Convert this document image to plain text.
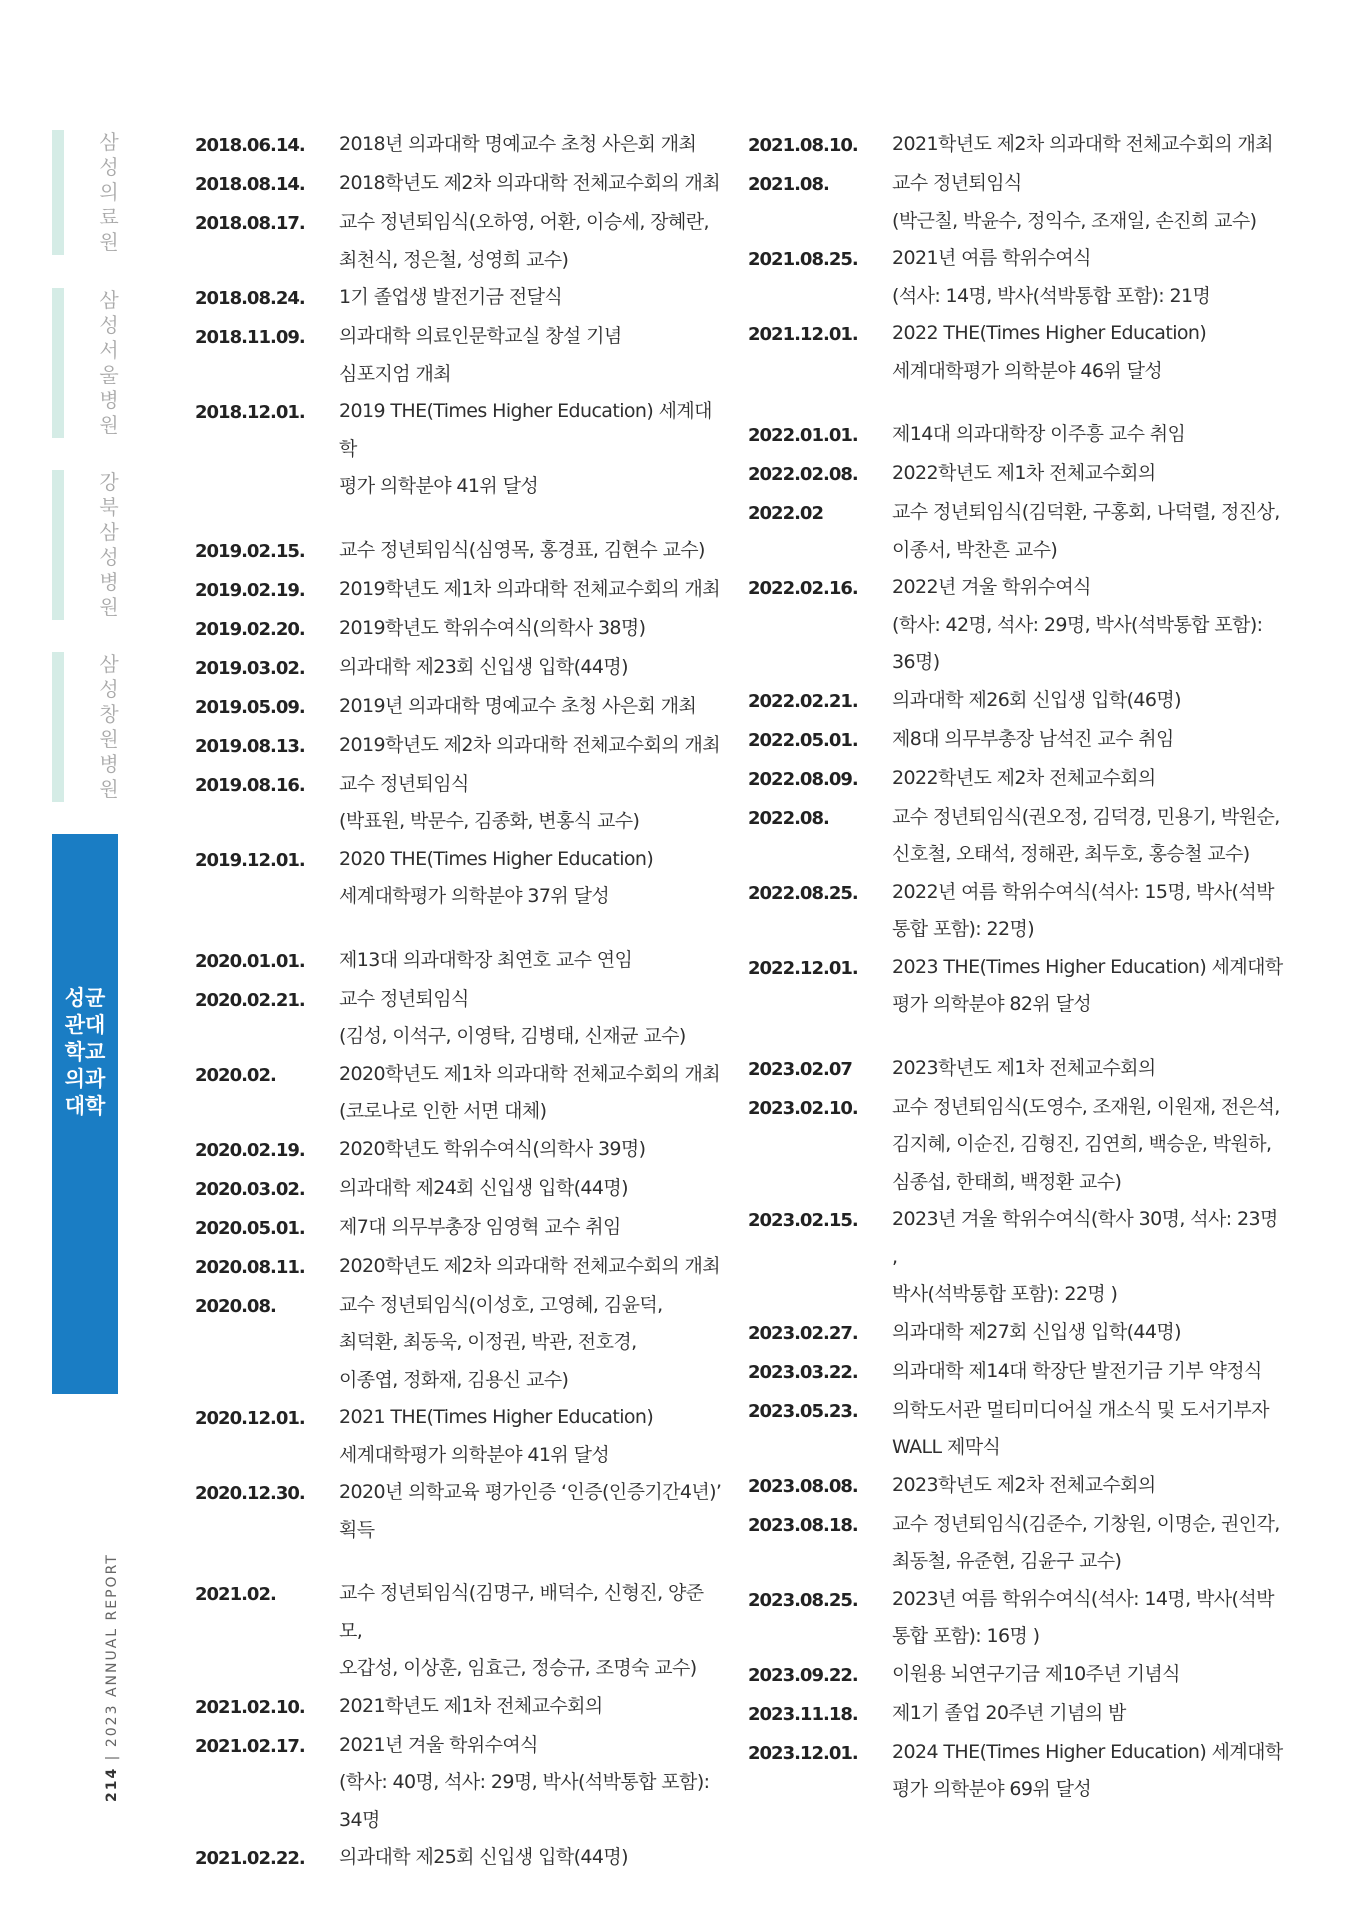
삼성의료원
삼성서울병원
강북삼성병원
삼성창원병원
성균관대학교 의과대학
214 | 2023 ANNUAL REPORT
2018.06.14.	2018년 의과대학 명예교수 초청 사은회 개최
2018.08.14.	2018학년도 제2차 의과대학 전체교수회의 개최
2018.08.17.	교수 정년퇴임식(오하영, 어환, 이승세, 장혜란,
최천식, 정은철, 성영희 교수)
2018.08.24.	1기 졸업생 발전기금 전달식
2018.11.09.	의과대학 의료인문학교실 창설 기념
심포지엄 개최
2018.12.01.	2019 THE(Times Higher Education) 세계대학
평가 의학분야 41위 달성
2019.02.15.	교수 정년퇴임식(심영목, 홍경표, 김현수 교수)
2019.02.19.	2019학년도 제1차 의과대학 전체교수회의 개최
2019.02.20.	2019학년도 학위수여식(의학사 38명)
2019.03.02.	의과대학 제23회 신입생 입학(44명)
2019.05.09.	2019년 의과대학 명예교수 초청 사은회 개최
2019.08.13.	2019학년도 제2차 의과대학 전체교수회의 개최
2019.08.16.	교수 정년퇴임식
(박표원, 박문수, 김종화, 변홍식 교수)
2019.12.01.	2020 THE(Times Higher Education)
세계대학평가 의학분야 37위 달성
2020.01.01.	제13대 의과대학장 최연호 교수 연임
2020.02.21.	교수 정년퇴임식
(김성, 이석구, 이영탁, 김병태, 신재균 교수)
2020.02.	2020학년도 제1차 의과대학 전체교수회의 개최
(코로나로 인한 서면 대체)
2020.02.19.	2020학년도 학위수여식(의학사 39명)
2020.03.02.	의과대학 제24회 신입생 입학(44명)
2020.05.01.	제7대 의무부총장 임영혁 교수 취임
2020.08.11.	2020학년도 제2차 의과대학 전체교수회의 개최
2020.08.	교수 정년퇴임식(이성호, 고영혜, 김윤덕,
최덕환, 최동욱, 이정권, 박관, 전호경,
이종엽, 정화재, 김용신 교수)
2020.12.01.	2021 THE(Times Higher Education)
세계대학평가 의학분야 41위 달성
2020.12.30.	2020년 의학교육 평가인증 ‘인증(인증기간4년)’ 획득
2021.02.	교수 정년퇴임식(김명구, 배덕수, 신형진, 양준모,
오갑성, 이상훈, 임효근, 정승규, 조명숙 교수)
2021.02.10.	2021학년도 제1차 전체교수회의
2021.02.17.	2021년 겨울 학위수여식
(학사: 40명, 석사: 29명, 박사(석박통합 포함): 34명
2021.02.22.	의과대학 제25회 신입생 입학(44명)
2021.08.10.	2021학년도 제2차 의과대학 전체교수회의 개최
2021.08.	교수 정년퇴임식
(박근칠, 박윤수, 정익수, 조재일, 손진희 교수)
2021.08.25.	2021년 여름 학위수여식
(석사: 14명, 박사(석박통합 포함): 21명
2021.12.01.	2022 THE(Times Higher Education)
세계대학평가 의학분야 46위 달성
2022.01.01.	제14대 의과대학장 이주흥 교수 취임
2022.02.08.	2022학년도 제1차 전체교수회의
2022.02	교수 정년퇴임식(김덕환, 구홍회, 나덕렬, 정진상,
이종서, 박찬흔 교수)
2022.02.16.	2022년 겨울 학위수여식
(학사: 42명, 석사: 29명, 박사(석박통합 포함): 36명)
2022.02.21.	의과대학 제26회 신입생 입학(46명)
2022.05.01.	제8대 의무부총장 남석진 교수 취임
2022.08.09.	2022학년도 제2차 전체교수회의
2022.08.	교수 정년퇴임식(권오정, 김덕경, 민용기, 박원순,
신호철, 오태석, 정해관, 최두호, 홍승철 교수)
2022.08.25.	2022년 여름 학위수여식(석사: 15명, 박사(석박
통합 포함): 22명)
2022.12.01.	2023 THE(Times Higher Education) 세계대학
평가 의학분야 82위 달성
2023.02.07	2023학년도 제1차 전체교수회의
2023.02.10.	교수 정년퇴임식(도영수, 조재원, 이원재, 전은석,
김지혜, 이순진, 김형진, 김연희, 백승운, 박원하,
심종섭, 한태희, 백정환 교수)
2023.02.15.	2023년 겨울 학위수여식(학사 30명, 석사: 23명 ,
박사(석박통합 포함): 22명 )
2023.02.27.	의과대학 제27회 신입생 입학(44명)
2023.03.22.	의과대학 제14대 학장단 발전기금 기부 약정식
2023.05.23.	의학도서관 멀티미디어실 개소식 및 도서기부자
WALL 제막식
2023.08.08.	2023학년도 제2차 전체교수회의
2023.08.18.	교수 정년퇴임식(김준수, 기창원, 이명순, 권인각,
최동철, 유준현, 김윤구 교수)
2023.08.25.	2023년 여름 학위수여식(석사: 14명, 박사(석박
통합 포함): 16명 )
2023.09.22.	이원용 뇌연구기금 제10주년 기념식
2023.11.18.	제1기 졸업 20주년 기념의 밤
2023.12.01.	2024 THE(Times Higher Education) 세계대학
평가 의학분야 69위 달성
